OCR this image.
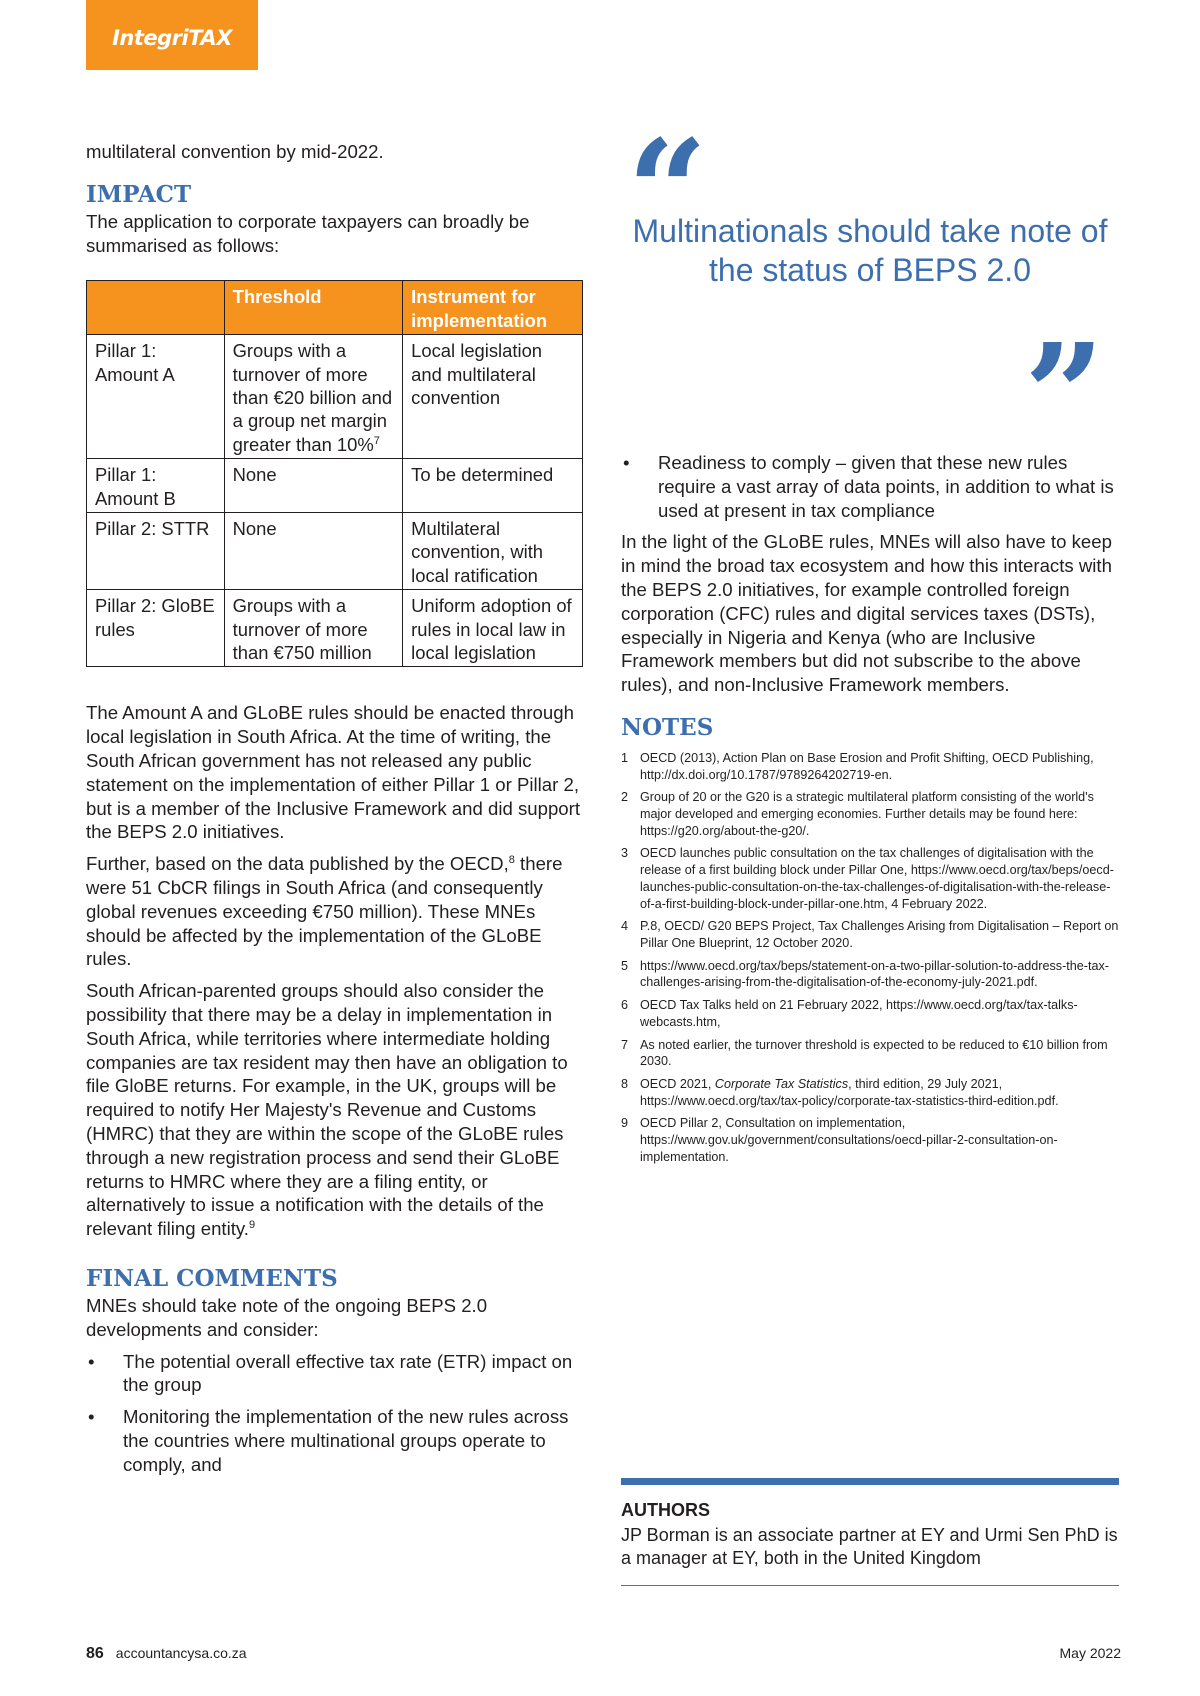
IntegriTAX

multilateral convention by mid-2022.

IMPACT

The application to corporate taxpayers can broadly be summarised as follows:

	Threshold	Instrument for implementation
Pillar 1: Amount A	Groups with a turnover of more than €20 billion and a group net margin greater than 10%$^7$	Local legislation and multilateral convention
Pillar 1: Amount B	None	To be determined
Pillar 2: STTR	None	Multilateral convention, with local ratification
Pillar 2: GloBE rules	Groups with a turnover of more than €750 million	Uniform adoption of rules in local law in local legislation

The Amount A and GLoBE rules should be enacted through local legislation in South Africa. At the time of writing, the South African government has not released any public statement on the implementation of either Pillar 1 or Pillar 2, but is a member of the Inclusive Framework and did support the BEPS 2.0 initiatives.

Further, based on the data published by the OECD,$^8$ there were 51 CbCR filings in South Africa (and consequently global revenues exceeding €750 million). These MNEs should be affected by the implementation of the GLoBE rules.

South African-parented groups should also consider the possibility that there may be a delay in implementation in South Africa, while territories where intermediate holding companies are tax resident may then have an obligation to file GloBE returns. For example, in the UK, groups will be required to notify Her Majesty's Revenue and Customs (HMRC) that they are within the scope of the GLoBE rules through a new registration process and send their GLoBE returns to HMRC where they are a filing entity, or alternatively to issue a notification with the details of the relevant filing entity.$^9$

FINAL COMMENTS

MNEs should take note of the ongoing BEPS 2.0 developments and consider:

• The potential overall effective tax rate (ETR) impact on the group
• Monitoring the implementation of the new rules across the countries where multinational groups operate to comply, and
“
Multinationals should take note of the status of BEPS 2.0
”
• Readiness to comply – given that these new rules require a vast array of data points, in addition to what is used at present in tax compliance

In the light of the GLoBE rules, MNEs will also have to keep in mind the broad tax ecosystem and how this interacts with the BEPS 2.0 initiatives, for example controlled foreign corporation (CFC) rules and digital services taxes (DSTs), especially in Nigeria and Kenya (who are Inclusive Framework members but did not subscribe to the above rules), and non-Inclusive Framework members.

NOTES
1 OECD (2013), Action Plan on Base Erosion and Profit Shifting, OECD Publishing, http://dx.doi.org/10.1787/9789264202719-en.
2 Group of 20 or the G20 is a strategic multilateral platform consisting of the world's major developed and emerging economies. Further details may be found here: https://g20.org/about-the-g20/.
3 OECD launches public consultation on the tax challenges of digitalisation with the release of a first building block under Pillar One, https://www.oecd.org/tax/beps/oecd-launches-public-consultation-on-the-tax-challenges-of-digitalisation-with-the-release-of-a-first-building-block-under-pillar-one.htm, 4 February 2022.
4 P.8, OECD/ G20 BEPS Project, Tax Challenges Arising from Digitalisation – Report on Pillar One Blueprint, 12 October 2020.
5 https://www.oecd.org/tax/beps/statement-on-a-two-pillar-solution-to-address-the-tax-challenges-arising-from-the-digitalisation-of-the-economy-july-2021.pdf.
6 OECD Tax Talks held on 21 February 2022, https://www.oecd.org/tax/tax-talks-webcasts.htm,
7 As noted earlier, the turnover threshold is expected to be reduced to €10 billion from 2030.
8 OECD 2021, Corporate Tax Statistics, third edition, 29 July 2021, https://www.oecd.org/tax/tax-policy/corporate-tax-statistics-third-edition.pdf.
9 OECD Pillar 2, Consultation on implementation, https://www.gov.uk/government/consultations/oecd-pillar-2-consultation-on-implementation.
AUTHORS
JP Borman is an associate partner at EY and Urmi Sen PhD is a manager at EY, both in the United Kingdom
86 accountancysa.co.za	May 2022
